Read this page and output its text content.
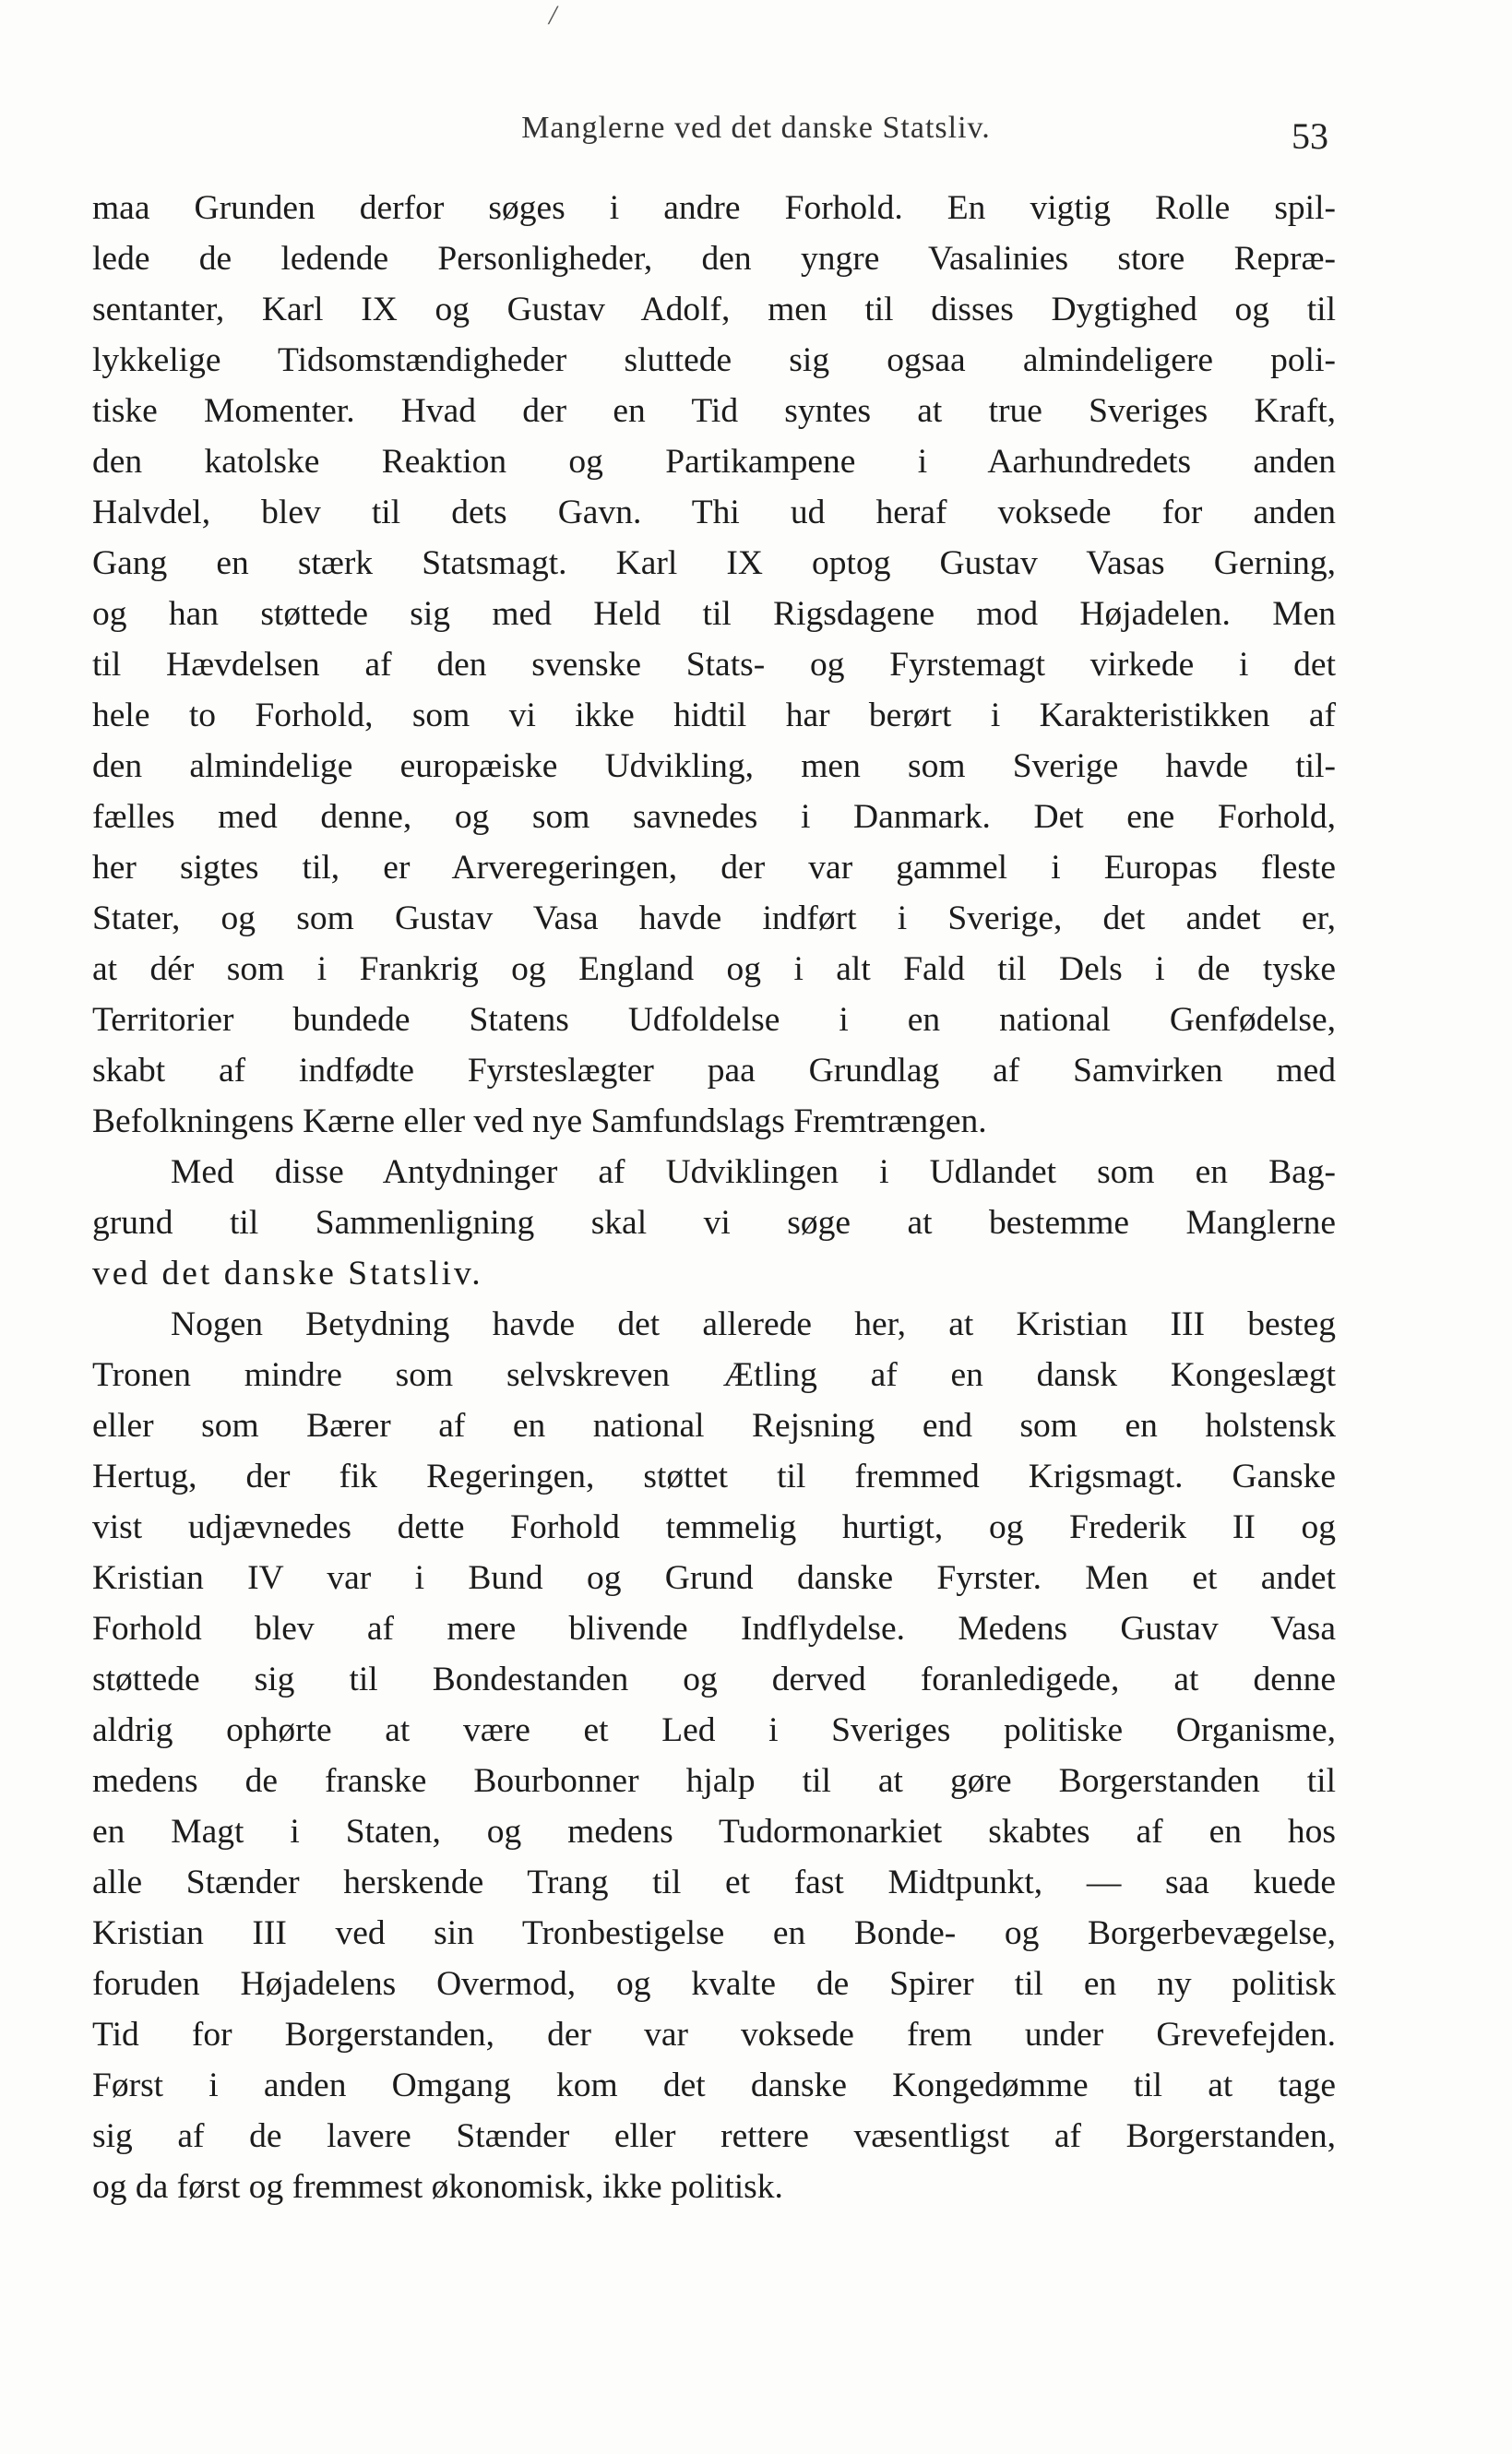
/
Manglerne ved det danske Statsliv.	53
maa Grunden derfor søges i andre Forhold. En vigtig Rolle spil-
lede de ledende Personligheder, den yngre Vasalinies store Repræ-
sentanter, Karl IX og Gustav Adolf, men til disses Dygtighed og til
lykkelige Tidsomstændigheder sluttede sig ogsaa almindeligere poli-
tiske Momenter. Hvad der en Tid syntes at true Sveriges Kraft,
den katolske Reaktion og Partikampene i Aarhundredets anden
Halvdel, blev til dets Gavn. Thi ud heraf voksede for anden
Gang en stærk Statsmagt. Karl IX optog Gustav Vasas Gerning,
og han støttede sig med Held til Rigsdagene mod Højadelen. Men
til Hævdelsen af den svenske Stats- og Fyrstemagt virkede i det
hele to Forhold, som vi ikke hidtil har berørt i Karakteristikken af
den almindelige europæiske Udvikling, men som Sverige havde til-
fælles med denne, og som savnedes i Danmark. Det ene Forhold,
her sigtes til, er Arveregeringen, der var gammel i Europas fleste
Stater, og som Gustav Vasa havde indført i Sverige, det andet er,
at dér som i Frankrig og England og i alt Fald til Dels i de tyske
Territorier bundede Statens Udfoldelse i en national Genfødelse,
skabt af indfødte Fyrsteslægter paa Grundlag af Samvirken med
Befolkningens Kærne eller ved nye Samfundslags Fremtrængen.
Med disse Antydninger af Udviklingen i Udlandet som en Bag-
grund til Sammenligning skal vi søge at bestemme Manglerne
ved det danske Statsliv.
Nogen Betydning havde det allerede her, at Kristian III besteg
Tronen mindre som selvskreven Ætling af en dansk Kongeslægt
eller som Bærer af en national Rejsning end som en holstensk
Hertug, der fik Regeringen, støttet til fremmed Krigsmagt. Ganske
vist udjævnedes dette Forhold temmelig hurtigt, og Frederik II og
Kristian IV var i Bund og Grund danske Fyrster. Men et andet
Forhold blev af mere blivende Indflydelse. Medens Gustav Vasa
støttede sig til Bondestanden og derved foranledigede, at denne
aldrig ophørte at være et Led i Sveriges politiske Organisme,
medens de franske Bourbonner hjalp til at gøre Borgerstanden til
en Magt i Staten, og medens Tudormonarkiet skabtes af en hos
alle Stænder herskende Trang til et fast Midtpunkt, — saa kuede
Kristian III ved sin Tronbestigelse en Bonde- og Borgerbevægelse,
foruden Højadelens Overmod, og kvalte de Spirer til en ny politisk
Tid for Borgerstanden, der var voksede frem under Grevefejden.
Først i anden Omgang kom det danske Kongedømme til at tage
sig af de lavere Stænder eller rettere væsentligst af Borgerstanden,
og da først og fremmest økonomisk, ikke politisk.
